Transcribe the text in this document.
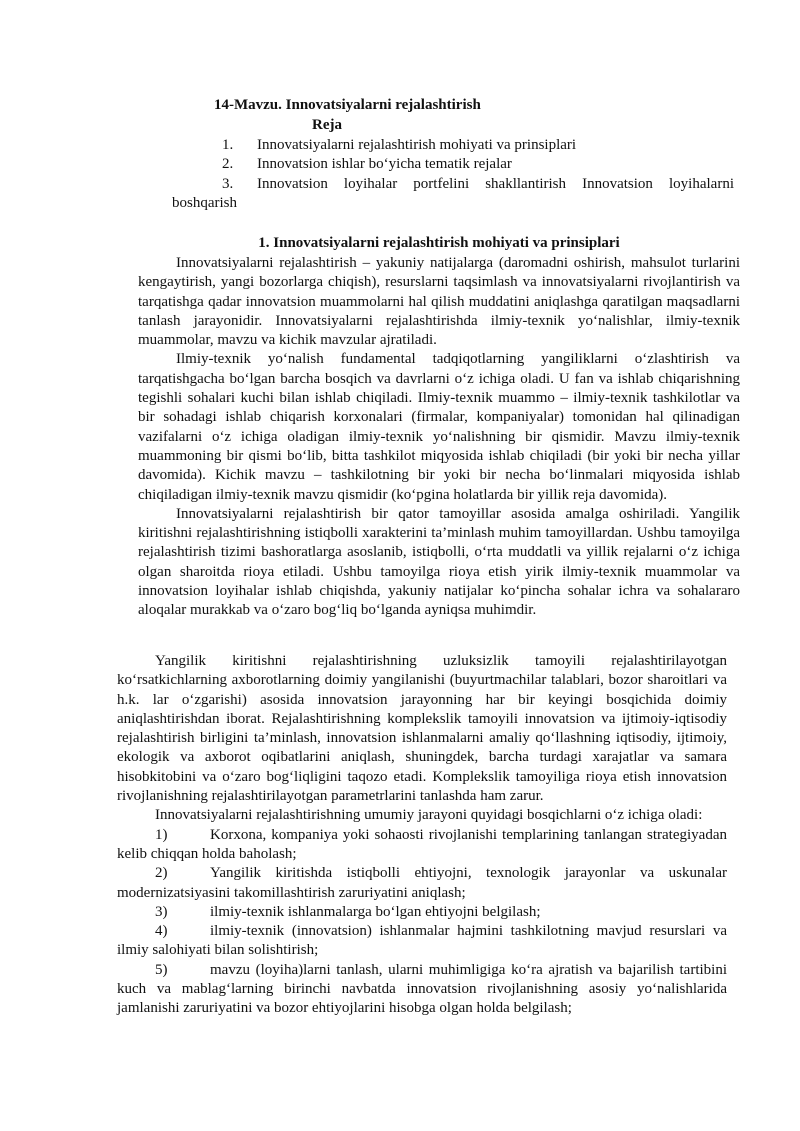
14-Mavzu. Innovatsiyalarni rejalashtirish
Reja
1. Innovatsiyalarni rejalashtirish mohiyati va prinsiplari
2. Innovatsion ishlar bo‘yicha tematik rejalar
3. Innovatsion loyihalar portfelini shakllantirish Innovatsion loyihalarni boshqarish
1. Innovatsiyalarni rejalashtirish mohiyati va prinsiplari

Innovatsiyalarni rejalashtirish – yakuniy natijalarga (daromadni oshirish, mahsulot turlarini kengaytirish, yangi bozorlarga chiqish), resurslarni taqsimlash va innovatsiyalarni rivojlantirish va tarqatishga qadar innovatsion muammolarni hal qilish muddatini aniqlashga qaratilgan maqsadlarni tanlash jarayonidir. Innovatsiyalarni rejalashtirishda ilmiy-texnik yo‘nalishlar, ilmiy-texnik muammolar, mavzu va kichik mavzular ajratiladi.

Ilmiy-texnik yo‘nalish fundamental tadqiqotlarning yangiliklarni o‘zlashtirish va tarqatishgacha bo‘lgan barcha bosqich va davrlarni o‘z ichiga oladi. U fan va ishlab chiqarishning tegishli sohalari kuchi bilan ishlab chiqiladi. Ilmiy-texnik muammo – ilmiy-texnik tashkilotlar va bir sohadagi ishlab chiqarish korxonalari (firmalar, kompaniyalar) tomonidan hal qilinadigan vazifalarni o‘z ichiga oladigan ilmiy-texnik yo‘nalishning bir qismidir. Mavzu ilmiy-texnik muammoning bir qismi bo‘lib, bitta tashkilot miqyosida ishlab chiqiladi (bir yoki bir necha yillar davomida). Kichik mavzu – tashkilotning bir yoki bir necha bo‘linmalari miqyosida ishlab chiqiladigan ilmiy-texnik mavzu qismidir (ko‘pgina holatlarda bir yillik reja davomida).

Innovatsiyalarni rejalashtirish bir qator tamoyillar asosida amalga oshiriladi. Yangilik kiritishni rejalashtirishning istiqbolli xarakterini ta’minlash muhim tamoyillardan. Ushbu tamoyilga rejalashtirish tizimi bashoratlarga asoslanib, istiqbolli, o‘rta muddatli va yillik rejalarni o‘z ichiga olgan sharoitda rioya etiladi. Ushbu tamoyilga rioya etish yirik ilmiy-texnik muammolar va innovatsion loyihalar ishlab chiqishda, yakuniy natijalar ko‘pincha sohalar ichra va sohalararo aloqalar murakkab va o‘zaro bog‘liq bo‘lganda ayniqsa muhimdir.

Yangilik kiritishni rejalashtirishning uzluksizlik tamoyili rejalashtirilayotgan ko‘rsatkichlarning axborotlarning doimiy yangilanishi (buyurtmachilar talablari, bozor sharoitlari va h.k. lar o‘zgarishi) asosida innovatsion jarayonning har bir keyingi bosqichida doimiy aniqlashtirishdan iborat. Rejalashtirishning komplekslik tamoyili innovatsion va ijtimoiy-iqtisodiy rejalashtirish birligini ta’minlash, innovatsion ishlanmalarni amaliy qo‘llashning iqtisodiy, ijtimoiy, ekologik va axborot oqibatlarini aniqlash, shuningdek, barcha turdagi xarajatlar va samara hisobkitobini va o‘zaro bog‘liqligini taqozo etadi. Komplekslik tamoyiliga rioya etish innovatsion rivojlanishning rejalashtirilayotgan parametrlarini tanlashda ham zarur.

Innovatsiyalarni rejalashtirishning umumiy jarayoni quyidagi bosqichlarni o‘z ichiga oladi:

1)	Korxona, kompaniya yoki sohaosti rivojlanishi templarining tanlangan strategiyadan kelib chiqqan holda baholash;
2)	Yangilik kiritishda istiqbolli ehtiyojni, texnologik jarayonlar va uskunalar modernizatsiyasini takomillashtirish zaruriyatini aniqlash;
3)	ilmiy-texnik ishlanmalarga bo‘lgan ehtiyojni belgilash;
4)	ilmiy-texnik (innovatsion) ishlanmalar hajmini tashkilotning mavjud resurslari va ilmiy salohiyati bilan solishtirish;
5)	mavzu (loyiha)larni tanlash, ularni muhimligiga ko‘ra ajratish va bajarilish tartibini kuch va mablag‘larning birinchi navbatda innovatsion rivojlanishning asosiy yo‘nalishlarida jamlanishi zaruriyatini va bozor ehtiyojlarini hisobga olgan holda belgilash;
